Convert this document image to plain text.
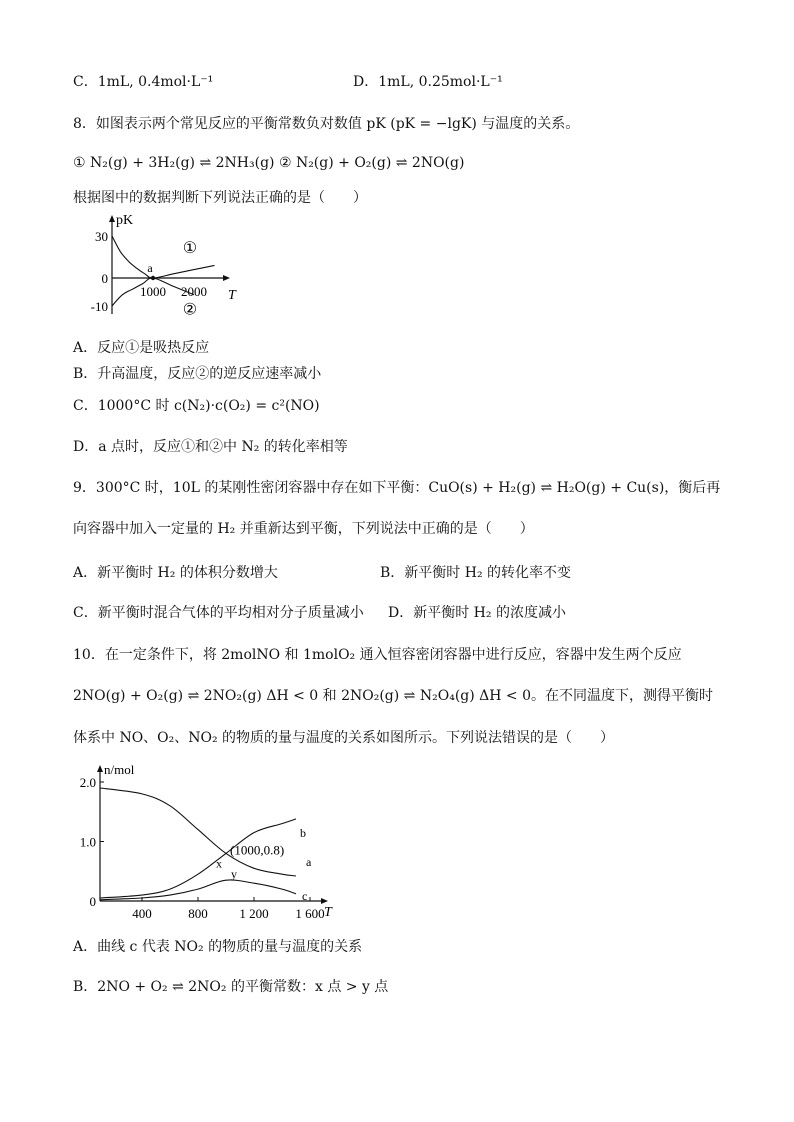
C．1mL, 0.4mol·L⁻¹	D．1mL, 0.25mol·L⁻¹
8．如图表示两个常见反应的平衡常数负对数值 pK (pK = −lgK) 与温度的关系。
① N₂(g) + 3H₂(g) ⇌ 2NH₃(g) ② N₂(g) + O₂(g) ⇌ 2NO(g)
根据图中的数据判断下列说法正确的是（　　）
pK
T
30
0
-10
1000 2000
a
①
②
A．反应①是吸热反应
B．升高温度，反应②的逆反应速率减小
C．1000°C 时 c(N₂)·c(O₂) = c²(NO)
D．a 点时，反应①和②中 N₂ 的转化率相等
9．300°C 时，10L 的某刚性密闭容器中存在如下平衡：CuO(s) + H₂(g) ⇌ H₂O(g) + Cu(s)，衡后再
向容器中加入一定量的 H₂ 并重新达到平衡，下列说法中正确的是（　　）
A．新平衡时 H₂ 的体积分数增大	B．新平衡时 H₂ 的转化率不变
C．新平衡时混合气体的平均相对分子质量减小 D．新平衡时 H₂ 的浓度减小
10．在一定条件下，将 2molNO 和 1molO₂ 通入恒容密闭容器中进行反应，容器中发生两个反应
2NO(g) + O₂(g) ⇌ 2NO₂(g) ΔH < 0 和 2NO₂(g) ⇌ N₂O₄(g) ΔH < 0。在不同温度下，测得平衡时
体系中 NO、O₂、NO₂ 的物质的量与温度的关系如图所示。下列说法错误的是（　　）
n/mol
T
2.0
1.0
0
400	800 1 200 1 600
a
b
c
(1000,0.8)
x
y
A．曲线 c 代表 NO₂ 的物质的量与温度的关系
B．2NO + O₂ ⇌ 2NO₂ 的平衡常数：x 点 > y 点
